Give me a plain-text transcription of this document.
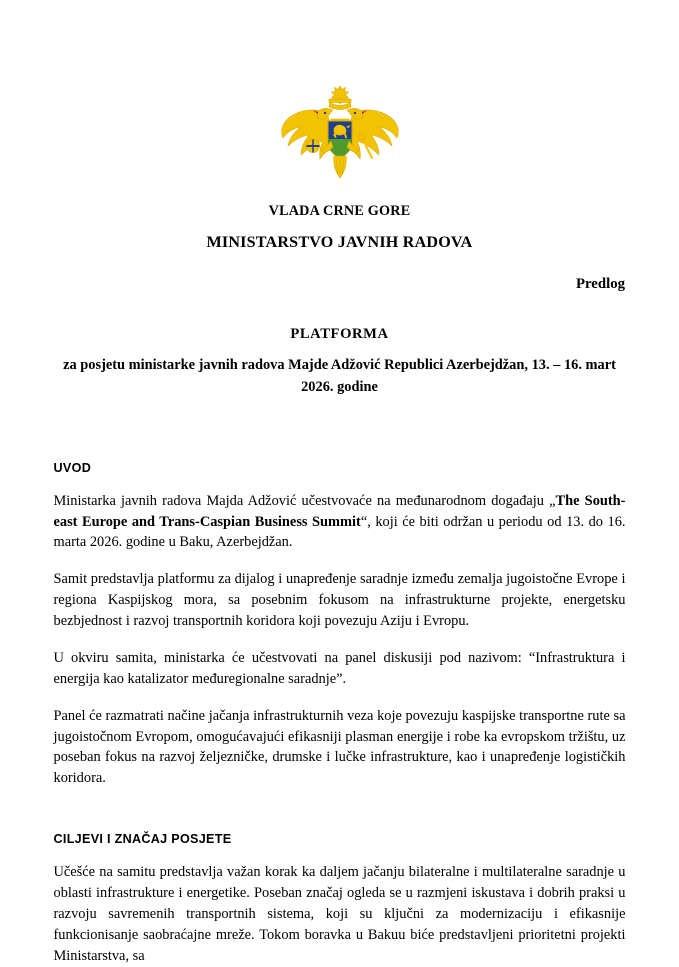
VLADA CRNE GORE
MINISTARSTVO JAVNIH RADOVA
Predlog
PLATFORMA
za posjetu ministarke javnih radova Majde Adžović Republici Azerbejdžan, 13. – 16. mart 2026. godine
UVOD

Ministarka javnih radova Majda Adžović učestvovaće na međunarodnom događaju „The South-east Europe and Trans-Caspian Business Summit“, koji će biti održan u periodu od 13. do 16. marta 2026. godine u Baku, Azerbejdžan.

Samit predstavlja platformu za dijalog i unapređenje saradnje između zemalja jugoistočne Evrope i regiona Kaspijskog mora, sa posebnim fokusom na infrastrukturne projekte, energetsku bezbjednost i razvoj transportnih koridora koji povezuju Aziju i Evropu.

U okviru samita, ministarka će učestvovati na panel diskusiji pod nazivom: “Infrastruktura i energija kao katalizator međuregionalne saradnje”.

Panel će razmatrati načine jačanja infrastrukturnih veza koje povezuju kaspijske transportne rute sa jugoistočnom Evropom, omogućavajući efikasniji plasman energije i robe ka evropskom tržištu, uz poseban fokus na razvoj željezničke, drumske i lučke infrastrukture, kao i unapređenje logističkih koridora.

CILJEVI I ZNAČAJ POSJETE

Učešće na samitu predstavlja važan korak ka daljem jačanju bilateralne i multilateralne saradnje u oblasti infrastrukture i energetike. Poseban značaj ogleda se u razmjeni iskustava i dobrih praksi u razvoju savremenih transportnih sistema, koji su ključni za modernizaciju i efikasnije funkcionisanje saobraćajne mreže. Tokom boravka u Bakuu biće predstavljeni prioritetni projekti Ministarstva, sa
